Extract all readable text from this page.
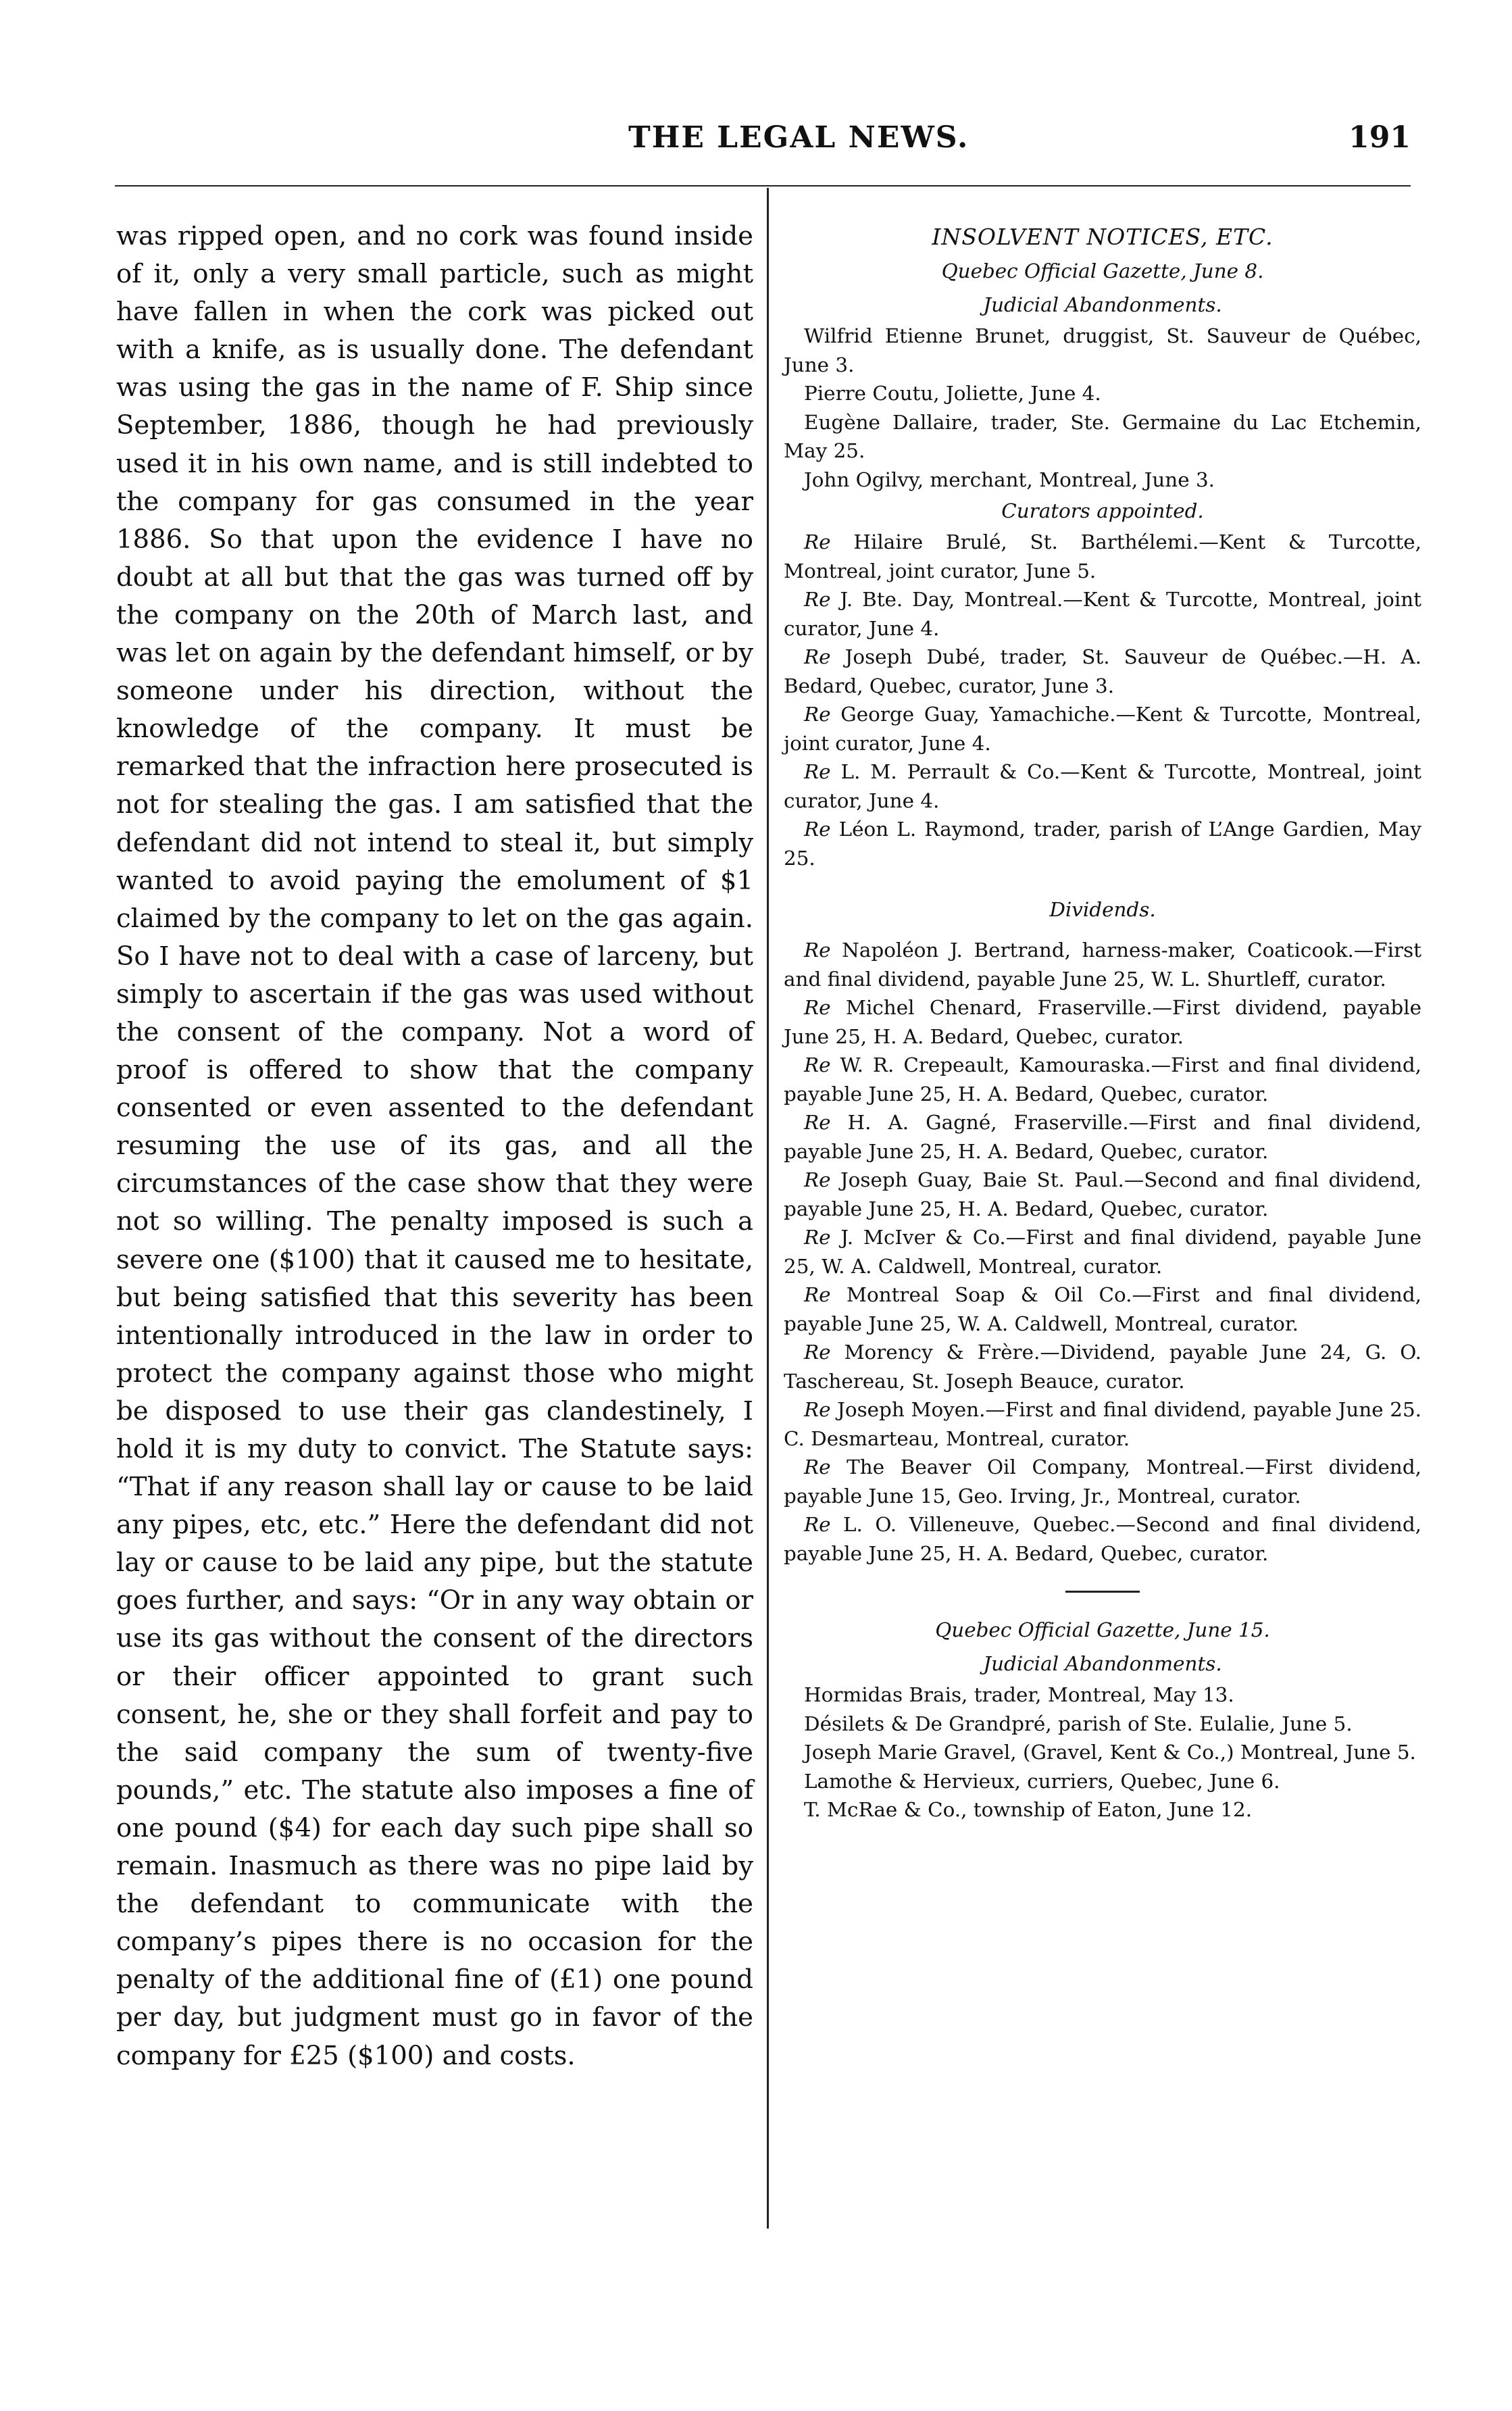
THE LEGAL NEWS.	191

was ripped open, and no cork was found inside of it, only a very small particle, such as might have fallen in when the cork was picked out with a knife, as is usually done. The defendant was using the gas in the name of F. Ship since September, 1886, though he had previously used it in his own name, and is still indebted to the company for gas consumed in the year 1886. So that upon the evidence I have no doubt at all but that the gas was turned off by the company on the 20th of March last, and was let on again by the defendant himself, or by someone under his direction, without the knowledge of the company. It must be remarked that the infraction here prosecuted is not for stealing the gas. I am satisfied that the defendant did not intend to steal it, but simply wanted to avoid paying the emolument of $1 claimed by the company to let on the gas again. So I have not to deal with a case of larceny, but simply to ascertain if the gas was used without the consent of the company. Not a word of proof is offered to show that the company consented or even assented to the defendant resuming the use of its gas, and all the circumstances of the case show that they were not so willing. The penalty imposed is such a severe one ($100) that it caused me to hesitate, but being satisfied that this severity has been intentionally introduced in the law in order to protect the company against those who might be disposed to use their gas clandestinely, I hold it is my duty to convict. The Statute says: “That if any reason shall lay or cause to be laid any pipes, etc, etc.” Here the defendant did not lay or cause to be laid any pipe, but the statute goes further, and says: “Or in any way obtain or use its gas without the consent of the directors or their officer appointed to grant such consent, he, she or they shall forfeit and pay to the said company the sum of twenty-five pounds,” etc. The statute also imposes a fine of one pound ($4) for each day such pipe shall so remain. Inasmuch as there was no pipe laid by the defendant to communicate with the company’s pipes there is no occasion for the penalty of the additional fine of (£1) one pound per day, but judgment must go in favor of the company for £25 ($100) and costs.

INSOLVENT NOTICES, ETC.
Quebec Official Gazette, June 8.
Judicial Abandonments.

Wilfrid Etienne Brunet, druggist, St. Sauveur de Québec, June 3.

Pierre Coutu, Joliette, June 4.

Eugène Dallaire, trader, Ste. Germaine du Lac Etchemin, May 25.

John Ogilvy, merchant, Montreal, June 3.

Curators appointed.

Re Hilaire Brulé, St. Barthélemi.—Kent & Turcotte, Montreal, joint curator, June 5.

Re J. Bte. Day, Montreal.—Kent & Turcotte, Montreal, joint curator, June 4.

Re Joseph Dubé, trader, St. Sauveur de Québec.—H. A. Bedard, Quebec, curator, June 3.

Re George Guay, Yamachiche.—Kent & Turcotte, Montreal, joint curator, June 4.

Re L. M. Perrault & Co.—Kent & Turcotte, Montreal, joint curator, June 4.

Re Léon L. Raymond, trader, parish of L’Ange Gardien, May 25.

Dividends.

Re Napoléon J. Bertrand, harness-maker, Coaticook.—First and final dividend, payable June 25, W. L. Shurtleff, curator.

Re Michel Chenard, Fraserville.—First dividend, payable June 25, H. A. Bedard, Quebec, curator.

Re W. R. Crepeault, Kamouraska.—First and final dividend, payable June 25, H. A. Bedard, Quebec, curator.

Re H. A. Gagné, Fraserville.—First and final dividend, payable June 25, H. A. Bedard, Quebec, curator.

Re Joseph Guay, Baie St. Paul.—Second and final dividend, payable June 25, H. A. Bedard, Quebec, curator.

Re J. McIver & Co.—First and final dividend, payable June 25, W. A. Caldwell, Montreal, curator.

Re Montreal Soap & Oil Co.—First and final dividend, payable June 25, W. A. Caldwell, Montreal, curator.

Re Morency & Frère.—Dividend, payable June 24, G. O. Taschereau, St. Joseph Beauce, curator.

Re Joseph Moyen.—First and final dividend, payable June 25. C. Desmarteau, Montreal, curator.

Re The Beaver Oil Company, Montreal.—First dividend, payable June 15, Geo. Irving, Jr., Montreal, curator.

Re L. O. Villeneuve, Quebec.—Second and final dividend, payable June 25, H. A. Bedard, Quebec, curator.

Quebec Official Gazette, June 15.
Judicial Abandonments.

Hormidas Brais, trader, Montreal, May 13.

Désilets & De Grandpré, parish of Ste. Eulalie, June 5.

Joseph Marie Gravel, (Gravel, Kent & Co.,) Montreal, June 5.

Lamothe & Hervieux, curriers, Quebec, June 6.

T. McRae & Co., township of Eaton, June 12.
